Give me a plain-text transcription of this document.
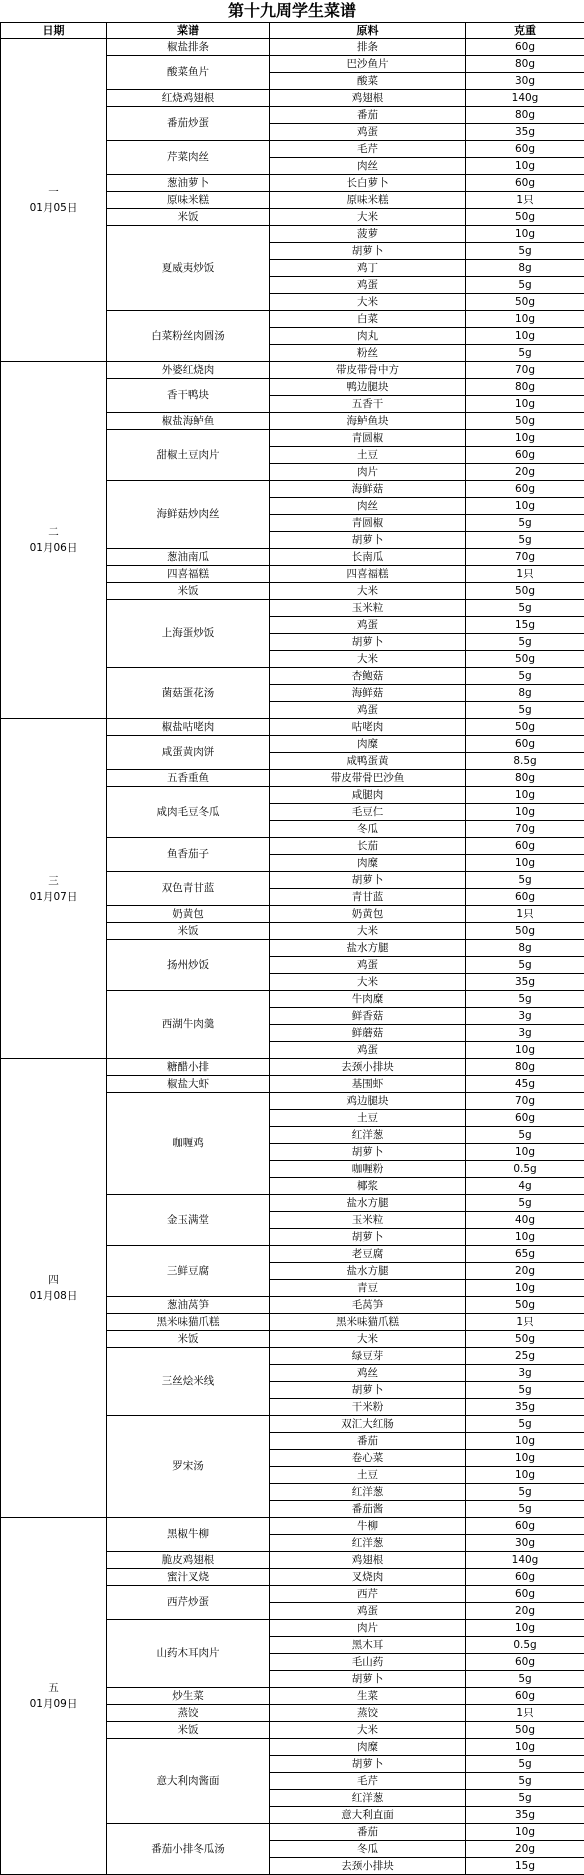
第十九周学生菜谱
日期	菜谱	原料	克重

一
01月05日	椒盐排条	排条	60g
	酸菜鱼片	巴沙鱼片	80g
		酸菜	30g
	红烧鸡翅根	鸡翅根	140g
	番茄炒蛋	番茄	80g
		鸡蛋	35g
	芹菜肉丝	毛芹	60g
		肉丝	10g
	葱油萝卜	长白萝卜	60g
	原味米糕	原味米糕	1只
	米饭	大米	50g
	夏威夷炒饭	菠萝	10g
		胡萝卜	5g
		鸡丁	8g
		鸡蛋	5g
		大米	50g
	白菜粉丝肉圆汤	白菜	10g
		肉丸	10g
		粉丝	5g

二
01月06日	外婆红烧肉	带皮带骨中方	70g
	香干鸭块	鸭边腿块	80g
		五香干	10g
	椒盐海鲈鱼	海鲈鱼块	50g
	甜椒土豆肉片	青圆椒	10g
		土豆	60g
		肉片	20g
	海鲜菇炒肉丝	海鲜菇	60g
		肉丝	10g
		青圆椒	5g
		胡萝卜	5g
	葱油南瓜	长南瓜	70g
	四喜福糕	四喜福糕	1只
	米饭	大米	50g
	上海蛋炒饭	玉米粒	5g
		鸡蛋	15g
		胡萝卜	5g
		大米	50g
	菌菇蛋花汤	杏鲍菇	5g
		海鲜菇	8g
		鸡蛋	5g

三
01月07日	椒盐咕咾肉	咕咾肉	50g
	咸蛋黄肉饼	肉糜	60g
		咸鸭蛋黄	8.5g
	五香重鱼	带皮带骨巴沙鱼	80g
	咸肉毛豆冬瓜	咸腿肉	10g
		毛豆仁	10g
		冬瓜	70g
	鱼香茄子	长茄	60g
		肉糜	10g
	双色青甘蓝	胡萝卜	5g
		青甘蓝	60g
	奶黄包	奶黄包	1只
	米饭	大米	50g
	扬州炒饭	盐水方腿	8g
		鸡蛋	5g
		大米	35g
	西湖牛肉羹	牛肉糜	5g
		鲜香菇	3g
		鲜蘑菇	3g
		鸡蛋	10g

四
01月08日	糖醋小排	去颈小排块	80g
	椒盐大虾	基围虾	45g
	咖喱鸡	鸡边腿块	70g
		土豆	60g
		红洋葱	5g
		胡萝卜	10g
		咖喱粉	0.5g
		椰浆	4g
	金玉满堂	盐水方腿	5g
		玉米粒	40g
		胡萝卜	10g
	三鲜豆腐	老豆腐	65g
		盐水方腿	20g
		青豆	10g
	葱油莴笋	毛莴笋	50g
	黑米味猫爪糕	黑米味猫爪糕	1只
	米饭	大米	50g
	三丝烩米线	绿豆芽	25g
		鸡丝	3g
		胡萝卜	5g
		干米粉	35g
	罗宋汤	双汇大红肠	5g
		番茄	10g
		卷心菜	10g
		土豆	10g
		红洋葱	5g
		番茄酱	5g

五
01月09日	黑椒牛柳	牛柳	60g
		红洋葱	30g
	脆皮鸡翅根	鸡翅根	140g
	蜜汁叉烧	叉烧肉	60g
	西芹炒蛋	西芹	60g
		鸡蛋	20g
	山药木耳肉片	肉片	10g
		黑木耳	0.5g
		毛山药	60g
		胡萝卜	5g
	炒生菜	生菜	60g
	蒸饺	蒸饺	1只
	米饭	大米	50g
	意大利肉酱面	肉糜	10g
		胡萝卜	5g
		毛芹	5g
		红洋葱	5g
		意大利直面	35g
	番茄小排冬瓜汤	番茄	10g
		冬瓜	20g
		去颈小排块	15g
